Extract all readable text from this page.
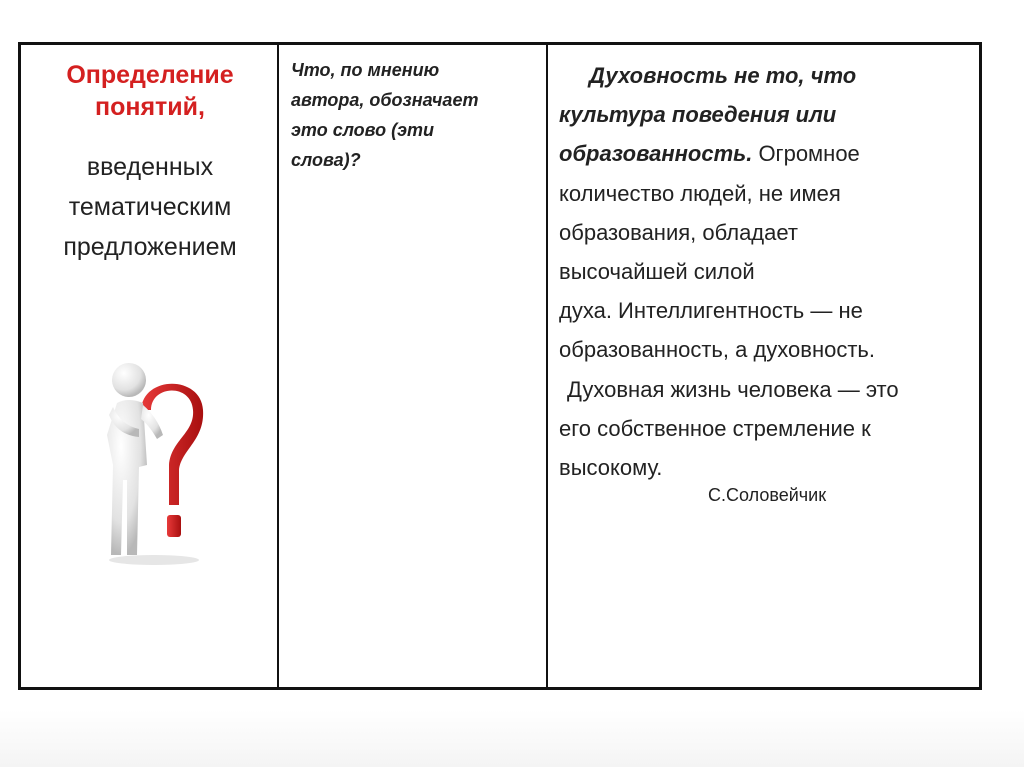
Определение
понятий,
введенных
тематическим
предложением
Что, по мнению
автора, обозначает
это слово (эти
слова)?
Духовность не то, что
культура поведения или
образованность. Огромное
количество людей, не имея
образования, обладает
высочайшей силой
духа. Интеллигентность — не
образованность, а духовность.
Духовная жизнь человека — это
его собственное стремление к
высокому.
С.Соловейчик
